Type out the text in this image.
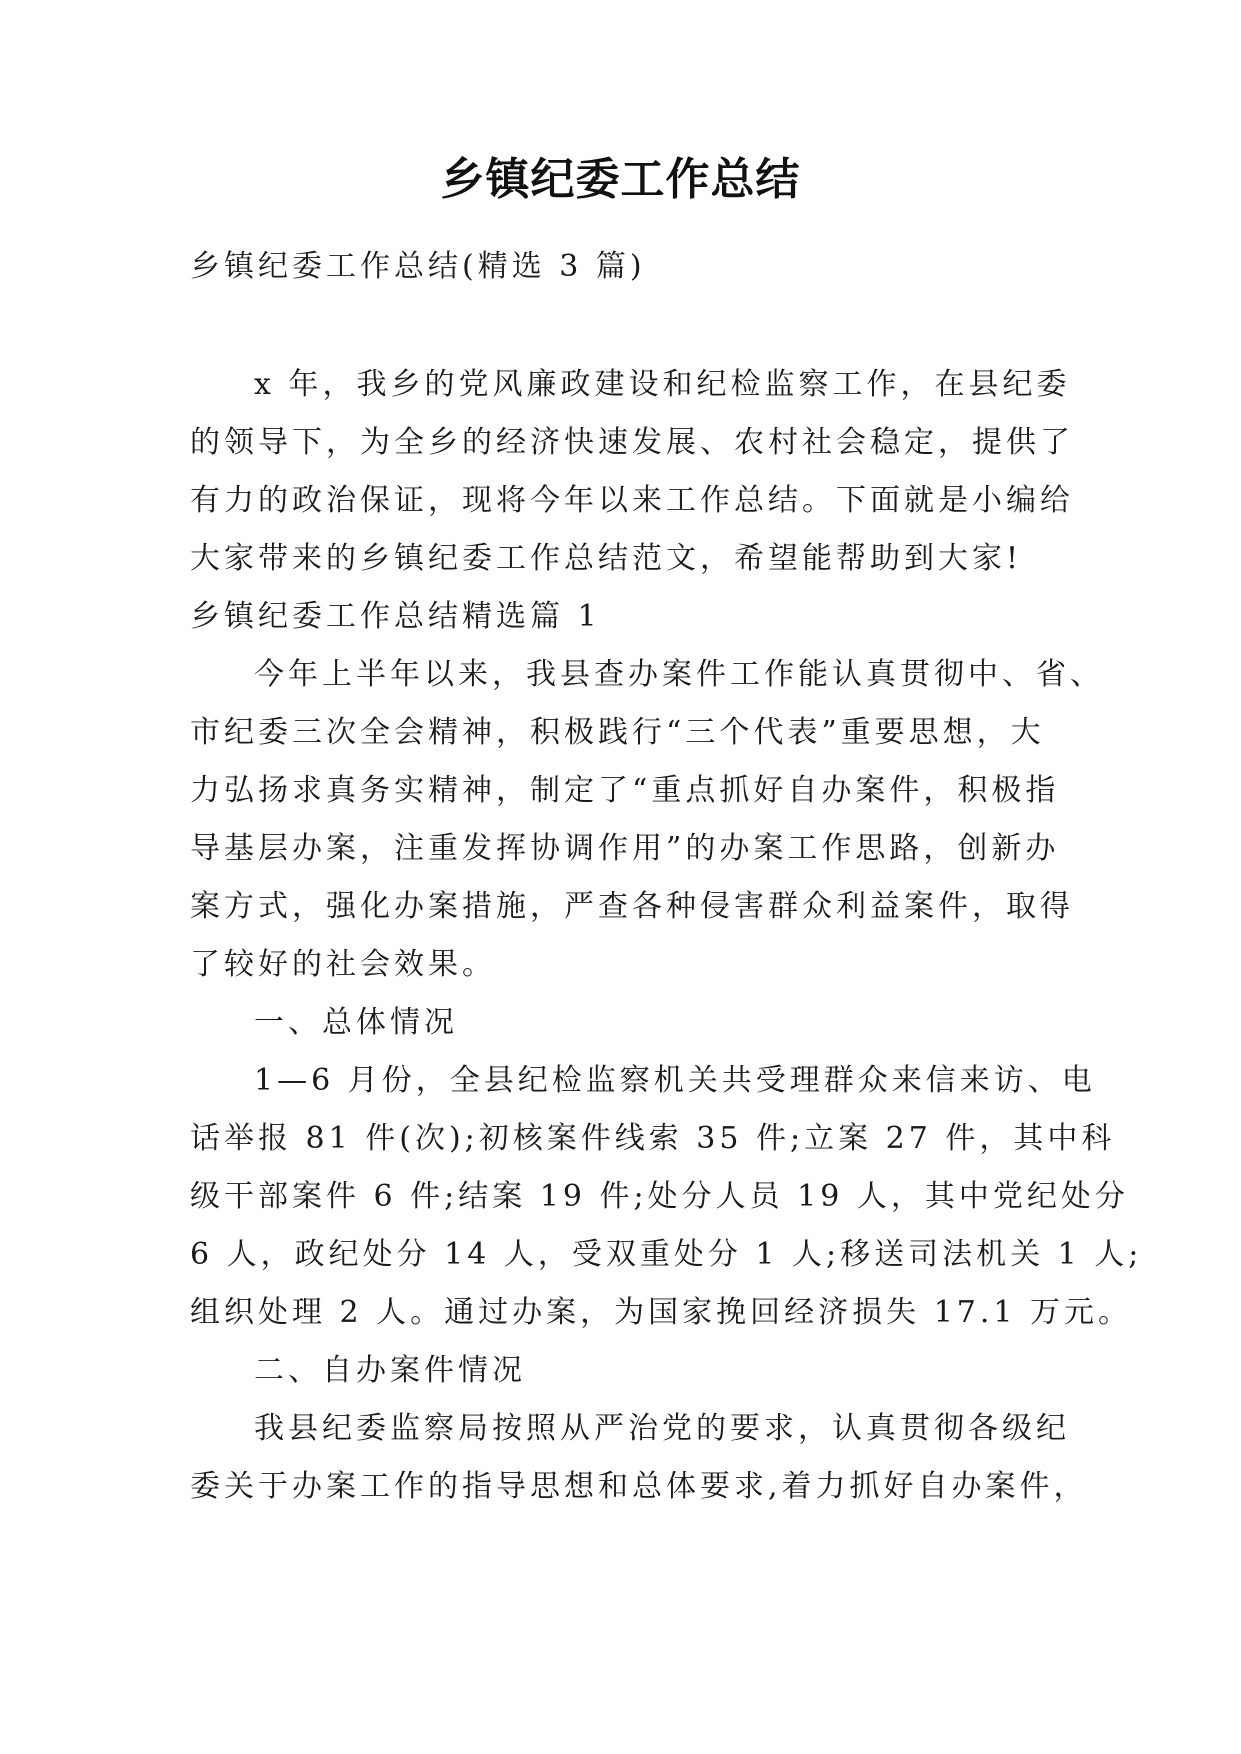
乡镇纪委工作总结
乡镇纪委工作总结(精选 3 篇)
x 年，我乡的党风廉政建设和纪检监察工作，在县纪委
的领导下，为全乡的经济快速发展、农村社会稳定，提供了
有力的政治保证，现将今年以来工作总结。下面就是小编给
大家带来的乡镇纪委工作总结范文，希望能帮助到大家!
乡镇纪委工作总结精选篇 1
今年上半年以来，我县查办案件工作能认真贯彻中、省、
市纪委三次全会精神，积极践行“三个代表”重要思想，大
力弘扬求真务实精神，制定了“重点抓好自办案件，积极指
导基层办案，注重发挥协调作用”的办案工作思路，创新办
案方式，强化办案措施，严查各种侵害群众利益案件，取得
了较好的社会效果。
一、总体情况
1—6 月份，全县纪检监察机关共受理群众来信来访、电
话举报 81 件(次);初核案件线索 35 件;立案 27 件，其中科
级干部案件 6 件;结案 19 件;处分人员 19 人，其中党纪处分
6 人，政纪处分 14 人，受双重处分 1 人;移送司法机关 1 人;
组织处理 2 人。通过办案，为国家挽回经济损失 17.1 万元。
二、自办案件情况
我县纪委监察局按照从严治党的要求，认真贯彻各级纪
委关于办案工作的指导思想和总体要求,着力抓好自办案件，
